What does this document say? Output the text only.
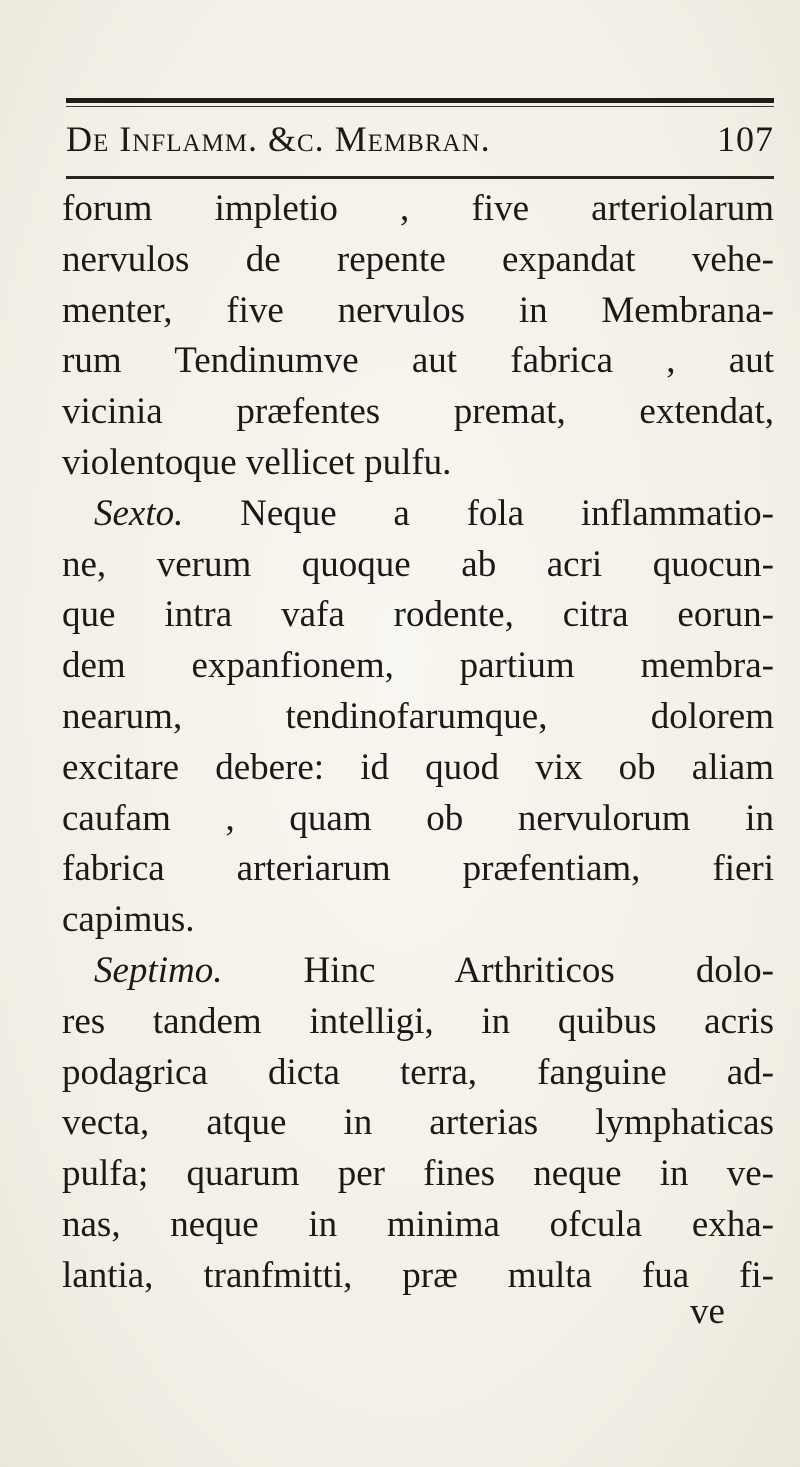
De Inflamm. &c. Membran.	107
forum impletio , five arteriolarum
nervulos de repente expandat vehe-
menter, five nervulos in Membrana-
rum Tendinumve aut fabrica , aut
vicinia præfentes premat, extendat,
violentoque vellicet pulfu.
Sexto. Neque a fola inflammatio-
ne, verum quoque ab acri quocun-
que intra vafa rodente, citra eorun-
dem expanfionem, partium membra-
nearum, tendinofarumque, dolorem
excitare debere: id quod vix ob aliam
caufam , quam ob nervulorum in
fabrica arteriarum præfentiam, fieri
capimus.
Septimo. Hinc Arthriticos dolo-
res tandem intelligi, in quibus acris
podagrica dicta terra, fanguine ad-
vecta, atque in arterias lymphaticas
pulfa; quarum per fines neque in ve-
nas, neque in minima ofcula exha-
lantia, tranfmitti, præ multa fua fi-
ve
